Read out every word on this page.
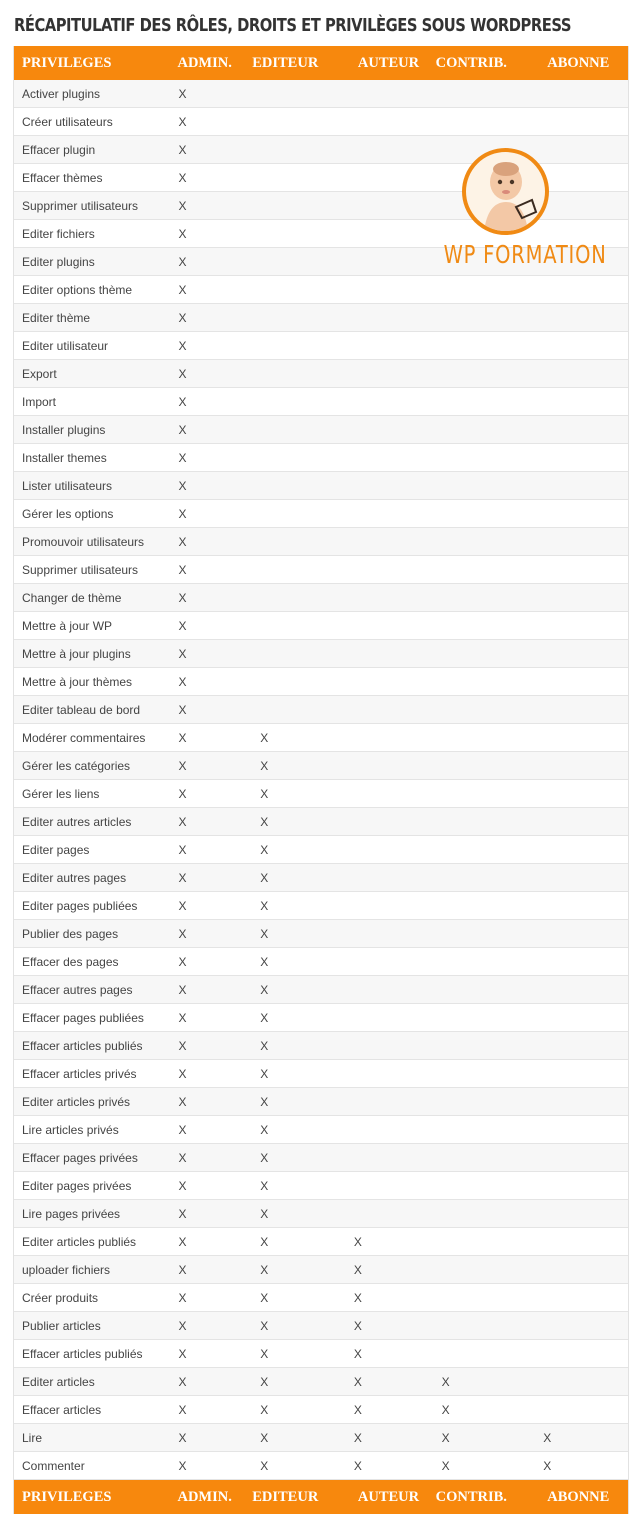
RÉCAPITULATIF DES RÔLES, DROITS ET PRIVILÈGES SOUS WORDPRESS
PRIVILEGES	ADMIN.	EDITEUR	AUTEUR	CONTRIB.	ABONNE
Activer plugins	X
Créer utilisateurs	X
Effacer plugin	X
Effacer thèmes	X
Supprimer utilisateurs	X
Editer fichiers	X
Editer plugins	X
Editer options thème	X
Editer thème	X
Editer utilisateur	X
Export	X
Import	X
Installer plugins	X
Installer themes	X
Lister utilisateurs	X
Gérer les options	X
Promouvoir utilisateurs	X
Supprimer utilisateurs	X
Changer de thème	X
Mettre à jour WP	X
Mettre à jour plugins	X
Mettre à jour thèmes	X
Editer tableau de bord	X
Modérer commentaires	X	X
Gérer les catégories	X	X
Gérer les liens	X	X
Editer autres articles	X	X
Editer pages	X	X
Editer autres pages	X	X
Editer pages publiées	X	X
Publier des pages	X	X
Effacer des pages	X	X
Effacer autres pages	X	X
Effacer pages publiées	X	X
Effacer articles publiés	X	X
Effacer articles privés	X	X
Editer articles privés	X	X
Lire articles privés	X	X
Effacer pages privées	X	X
Editer pages privées	X	X
Lire pages privées	X	X
Editer articles publiés	X	X	X
uploader fichiers	X	X	X
Créer produits	X	X	X
Publier articles	X	X	X
Effacer articles publiés	X	X	X
Editer articles	X	X	X	X
Effacer articles	X	X	X	X
Lire	X	X	X	X	X
Commenter	X	X	X	X	X
PRIVILEGES	ADMIN.	EDITEUR	AUTEUR	CONTRIB.	ABONNE
WP FORMATION
